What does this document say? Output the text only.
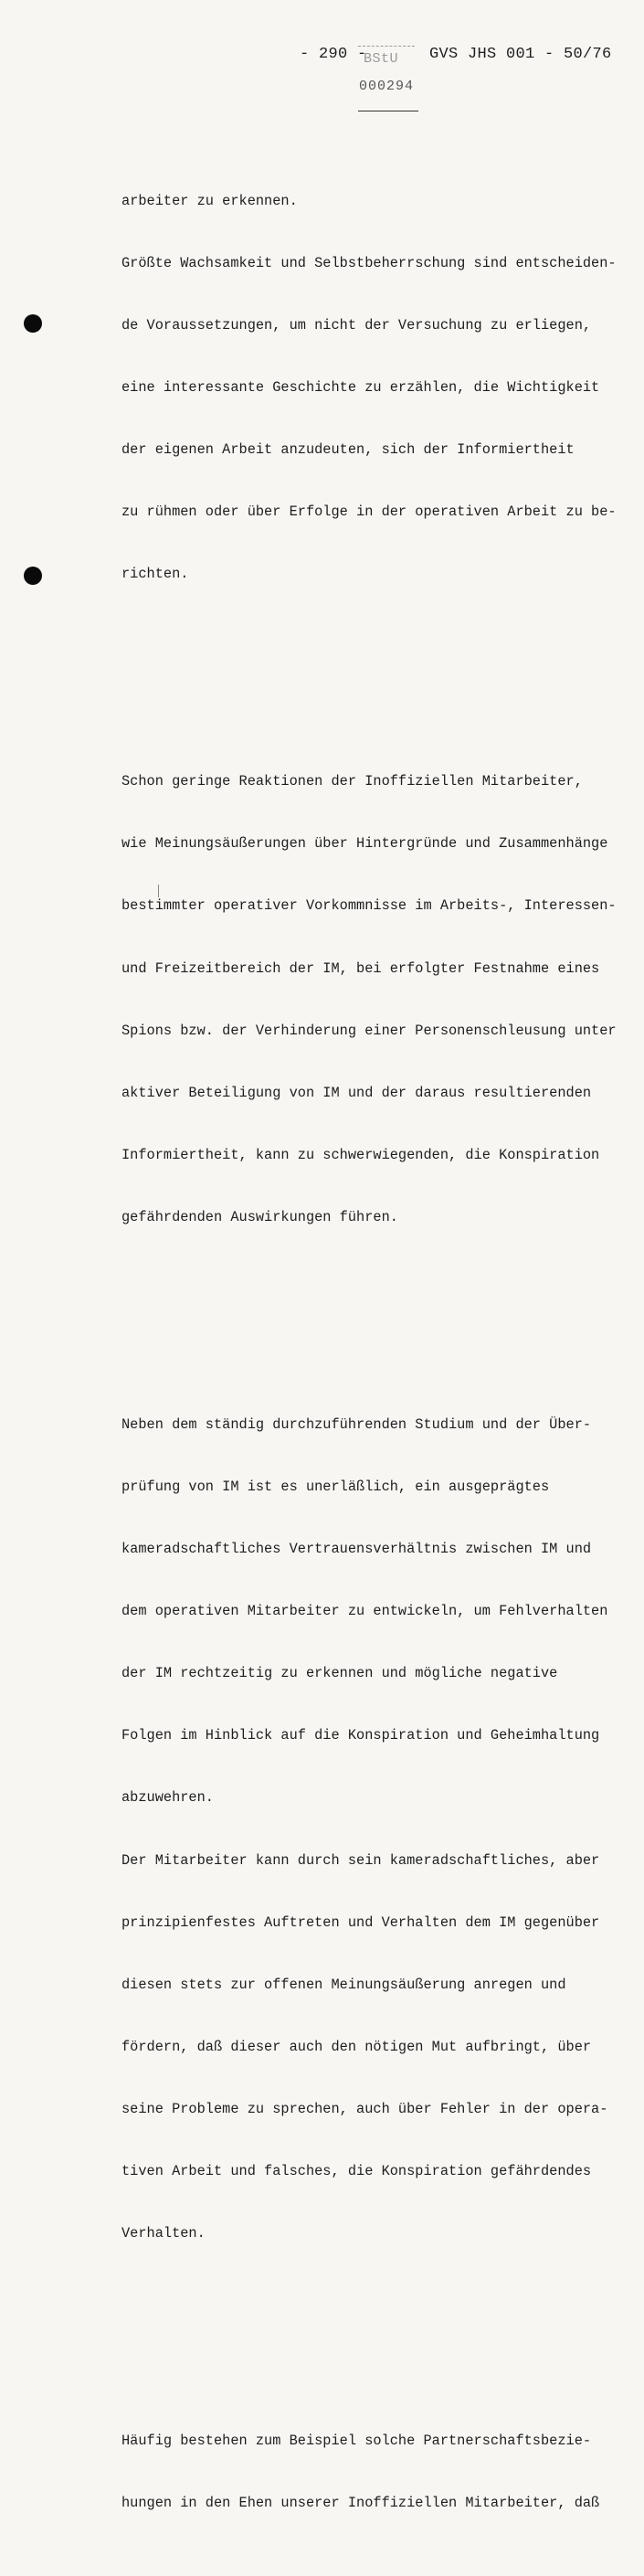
- 290 -
BStU GVS JHS 001 - 50/76
000294

arbeiter zu erkennen.

Größte Wachsamkeit und Selbstbeherrschung sind entscheiden-

de Voraussetzungen, um nicht der Versuchung zu erliegen,

eine interessante Geschichte zu erzählen, die Wichtigkeit

der eigenen Arbeit anzudeuten, sich der Informiertheit

zu rühmen oder über Erfolge in der operativen Arbeit zu be-

richten.

Schon geringe Reaktionen der Inoffiziellen Mitarbeiter,

wie Meinungsäußerungen über Hintergründe und Zusammenhänge

bestimmter operativer Vorkommnisse im Arbeits-, Interessen-

und Freizeitbereich der IM, bei erfolgter Festnahme eines

Spions bzw. der Verhinderung einer Personenschleusung unter

aktiver Beteiligung von IM und der daraus resultierenden

Informiertheit, kann zu schwerwiegenden, die Konspiration

gefährdenden Auswirkungen führen.

Neben dem ständig durchzuführenden Studium und der Über-

prüfung von IM ist es unerläßlich, ein ausgeprägtes

kameradschaftliches Vertrauensverhältnis zwischen IM und

dem operativen Mitarbeiter zu entwickeln, um Fehlverhalten

der IM rechtzeitig zu erkennen und mögliche negative

Folgen im Hinblick auf die Konspiration und Geheimhaltung

abzuwehren.

Der Mitarbeiter kann durch sein kameradschaftliches, aber

prinzipienfestes Auftreten und Verhalten dem IM gegenüber

diesen stets zur offenen Meinungsäußerung anregen und

fördern, daß dieser auch den nötigen Mut aufbringt, über

seine Probleme zu sprechen, auch über Fehler in der opera-

tiven Arbeit und falsches, die Konspiration gefährdendes

Verhalten.

Häufig bestehen zum Beispiel solche Partnerschaftsbezie-

hungen in den Ehen unserer Inoffiziellen Mitarbeiter, daß
